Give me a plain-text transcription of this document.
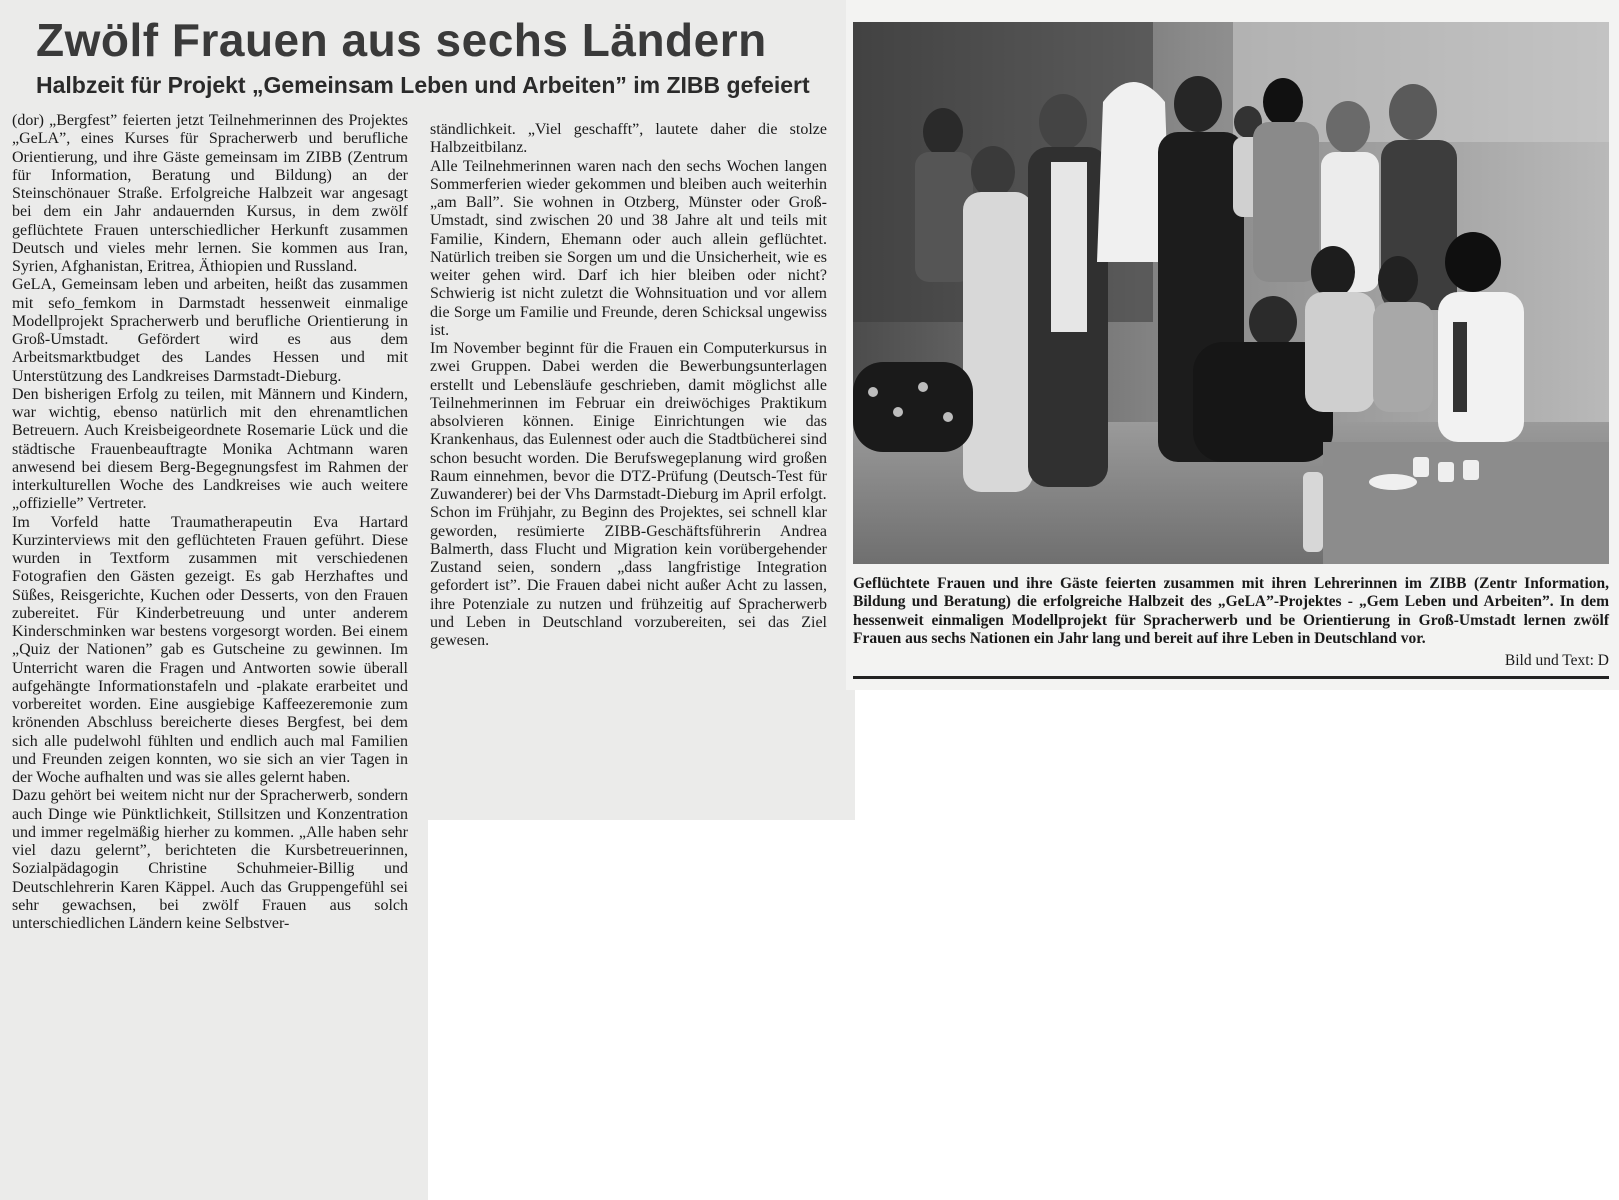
Zwölf Frauen aus sechs Ländern
Halbzeit für Projekt „Gemeinsam Leben und Arbeiten” im ZIBB gefeiert

(dor) „Bergfest” feierten jetzt Teilnehmerinnen des Projektes „GeLA”, eines Kurses für Spracherwerb und berufliche Orientierung, und ihre Gäste gemeinsam im ZIBB (Zentrum für Information, Beratung und Bildung) an der Steinschönauer Straße. Erfolgreiche Halbzeit war angesagt bei dem ein Jahr andauernden Kursus, in dem zwölf geflüchtete Frauen unterschiedlicher Herkunft zusammen Deutsch und vieles mehr lernen. Sie kommen aus Iran, Syrien, Afghanistan, Eritrea, Äthiopien und Russland.

GeLA, Gemeinsam leben und arbeiten, heißt das zusammen mit sefo_femkom in Darmstadt hessenweit einmalige Modellprojekt Spracherwerb und berufliche Orientierung in Groß-Umstadt. Gefördert wird es aus dem Arbeitsmarktbudget des Landes Hessen und mit Unterstützung des Landkreises Darmstadt-Dieburg.

Den bisherigen Erfolg zu teilen, mit Männern und Kindern, war wichtig, ebenso natürlich mit den ehrenamtlichen Betreuern. Auch Kreisbeigeordnete Rosemarie Lück und die städtische Frauenbeauftragte Monika Achtmann waren anwesend bei diesem Berg-Begegnungsfest im Rahmen der interkulturellen Woche des Landkreises wie auch weitere „offizielle” Vertreter.

Im Vorfeld hatte Traumatherapeutin Eva Hartard Kurzinterviews mit den geflüchteten Frauen geführt. Diese wurden in Textform zusammen mit verschiedenen Fotografien den Gästen gezeigt. Es gab Herzhaftes und Süßes, Reisgerichte, Kuchen oder Desserts, von den Frauen zubereitet. Für Kinderbetreuung und unter anderem Kinderschminken war bestens vorgesorgt worden. Bei einem „Quiz der Nationen” gab es Gutscheine zu gewinnen. Im Unterricht waren die Fragen und Antworten sowie überall aufgehängte Informationstafeln und -plakate erarbeitet und vorbereitet worden. Eine ausgiebige Kaffeezeremonie zum krönenden Abschluss bereicherte dieses Bergfest, bei dem sich alle pudelwohl fühlten und endlich auch mal Familien und Freunden zeigen konnten, wo sie sich an vier Tagen in der Woche aufhalten und was sie alles gelernt haben.

Dazu gehört bei weitem nicht nur der Spracherwerb, sondern auch Dinge wie Pünktlichkeit, Stillsitzen und Konzentration und immer regelmäßig hierher zu kommen. „Alle haben sehr viel dazu gelernt”, berichteten die Kursbetreuerinnen, Sozialpädagogin Christine Schuhmeier-Billig und Deutschlehrerin Karen Käppel. Auch das Gruppengefühl sei sehr gewachsen, bei zwölf Frauen aus solch unterschiedlichen Ländern keine Selbstver-

ständlichkeit. „Viel geschafft”, lautete daher die stolze Halbzeitbilanz.

Alle Teilnehmerinnen waren nach den sechs Wochen langen Sommerferien wieder gekommen und bleiben auch weiterhin „am Ball”. Sie wohnen in Otzberg, Münster oder Groß-Umstadt, sind zwischen 20 und 38 Jahre alt und teils mit Familie, Kindern, Ehemann oder auch allein geflüchtet. Natürlich treiben sie Sorgen um und die Unsicherheit, wie es weiter gehen wird. Darf ich hier bleiben oder nicht? Schwierig ist nicht zuletzt die Wohnsituation und vor allem die Sorge um Familie und Freunde, deren Schicksal ungewiss ist.

Im November beginnt für die Frauen ein Computerkursus in zwei Gruppen. Dabei werden die Bewerbungsunterlagen erstellt und Lebensläufe geschrieben, damit möglichst alle Teilnehmerinnen im Februar ein dreiwöchiges Praktikum absolvieren können. Einige Einrichtungen wie das Krankenhaus, das Eulennest oder auch die Stadtbücherei sind schon besucht worden. Die Berufswegeplanung wird großen Raum einnehmen, bevor die DTZ-Prüfung (Deutsch-Test für Zuwanderer) bei der Vhs Darmstadt-Dieburg im April erfolgt.

Schon im Frühjahr, zu Beginn des Projektes, sei schnell klar geworden, resümierte ZIBB-Geschäftsführerin Andrea Balmerth, dass Flucht und Migration kein vorübergehender Zustand seien, sondern „dass langfristige Integration gefordert ist”. Die Frauen dabei nicht außer Acht zu lassen, ihre Potenziale zu nutzen und frühzeitig auf Spracherwerb und Leben in Deutschland vorzubereiten, sei das Ziel gewesen.

Geflüchtete Frauen und ihre Gäste feierten zusammen mit ihren Lehrerinnen im ZIBB (Zentr Information, Bildung und Beratung) die erfolgreiche Halbzeit des „GeLA”-Projektes - „Gem Leben und Arbeiten”. In dem hessenweit einmaligen Modellprojekt für Spracherwerb und be Orientierung in Groß-Umstadt lernen zwölf Frauen aus sechs Nationen ein Jahr lang und bereit auf ihre Leben in Deutschland vor.

Bild und Text: D
